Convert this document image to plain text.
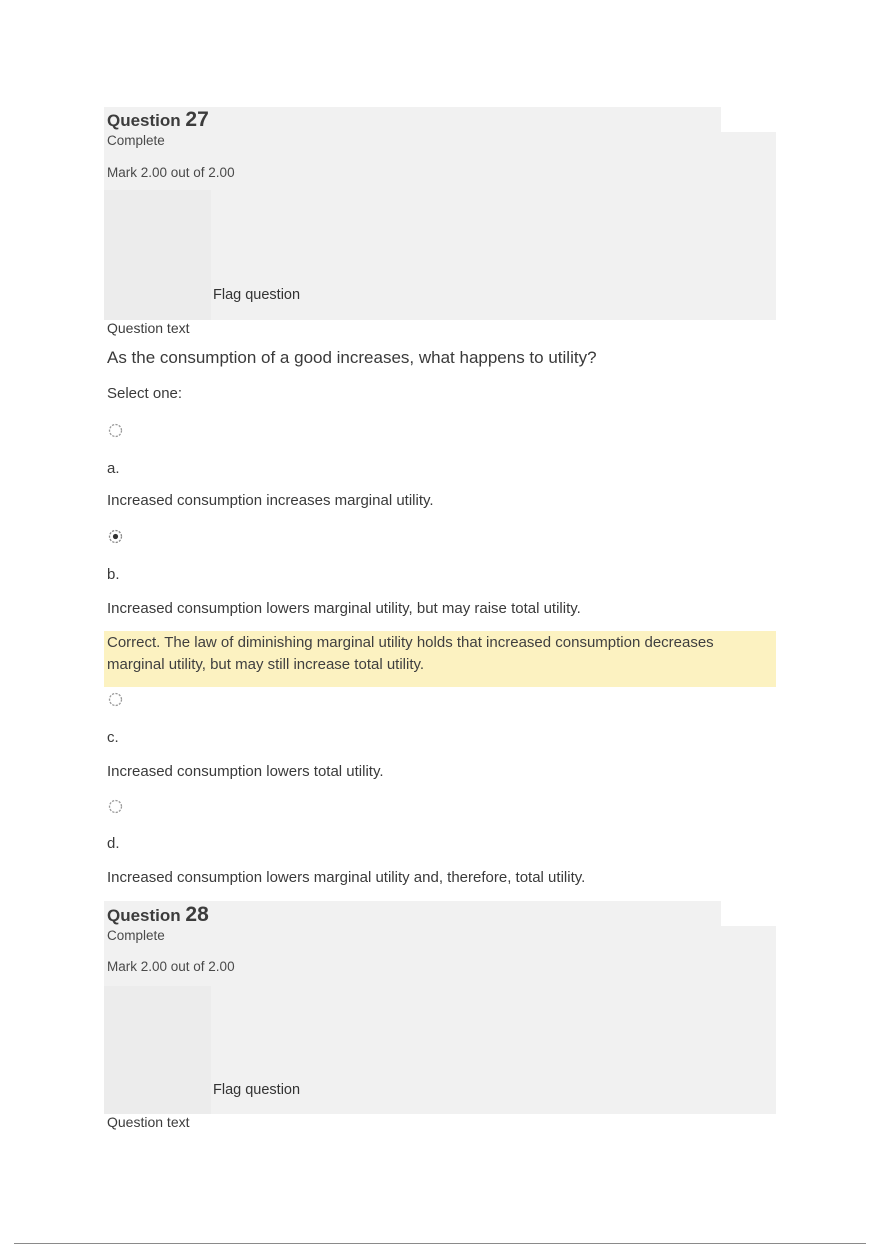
Question 27
Complete
Mark 2.00 out of 2.00
Flag question
Question text
As the consumption of a good increases, what happens to utility?
Select one:
a.
Increased consumption increases marginal utility.
b.
Increased consumption lowers marginal utility, but may raise total utility.

Correct. The law of diminishing marginal utility holds that increased consumption decreases

marginal utility, but may still increase total utility.

c.
Increased consumption lowers total utility.
d.
Increased consumption lowers marginal utility and, therefore, total utility.
Question 28
Complete
Mark 2.00 out of 2.00
Flag question
Question text
